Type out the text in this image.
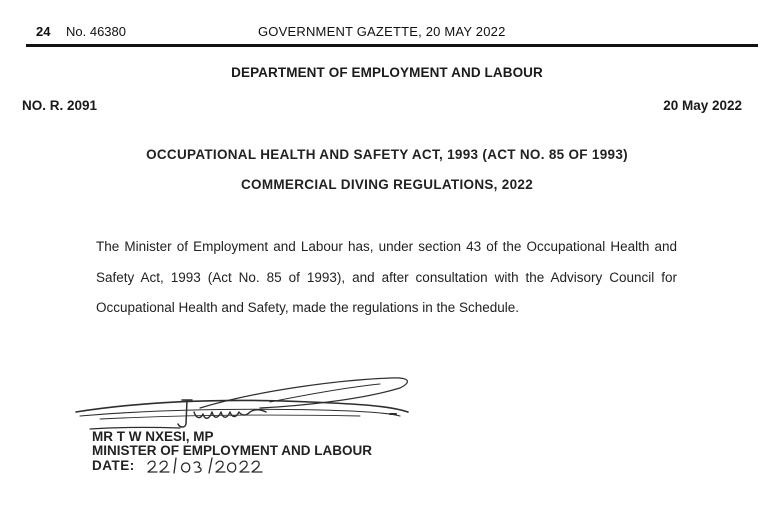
24 No. 46380	GOVERNMENT GAZETTE, 20 MAY 2022
DEPARTMENT OF EMPLOYMENT AND LABOUR
NO. R. 2091	20 May 2022
OCCUPATIONAL HEALTH AND SAFETY ACT, 1993 (ACT NO. 85 OF 1993)
COMMERCIAL DIVING REGULATIONS, 2022

The Minister of Employment and Labour has, under section 43 of the Occupational Health and Safety Act, 1993 (Act No. 85 of 1993), and after consultation with the Advisory Council for Occupational Health and Safety, made the regulations in the Schedule.

MR T W NXESI, MP
MINISTER OF EMPLOYMENT AND LABOUR
DATE:
